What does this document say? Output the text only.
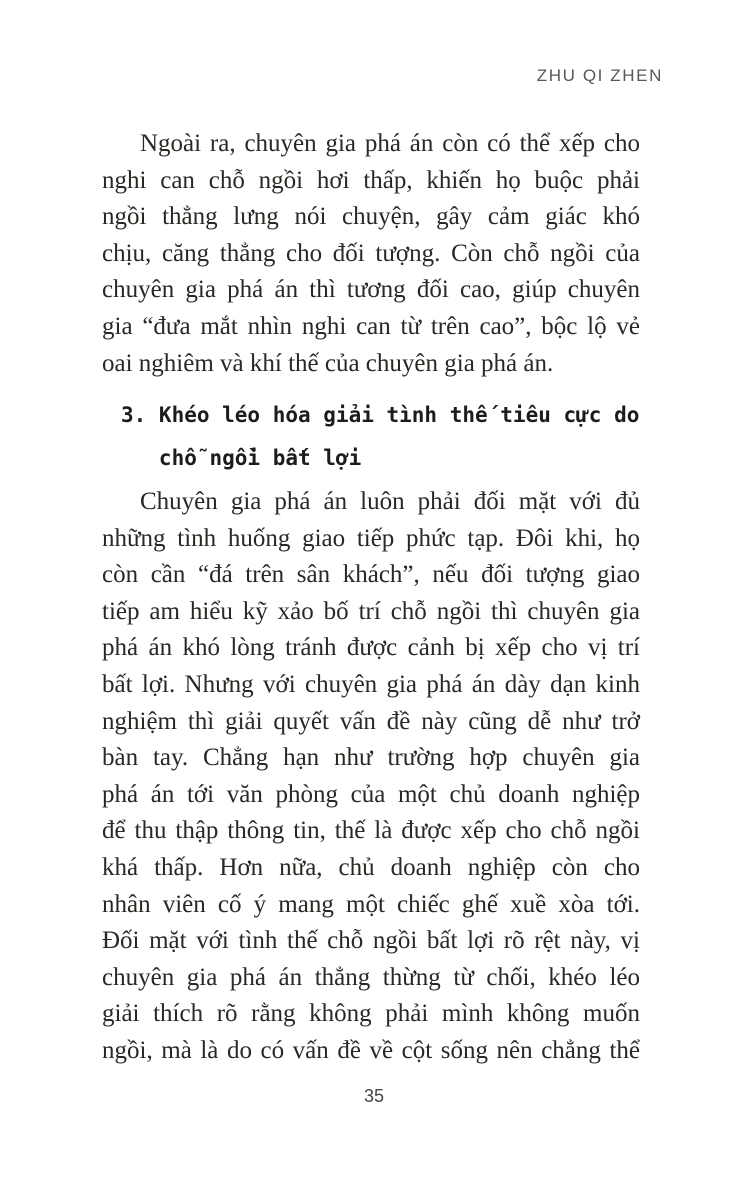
ZHU QI ZHEN
Ngoài ra, chuyên gia phá án còn có thể xếp cho
nghi can chỗ ngồi hơi thấp, khiến họ buộc phải
ngồi thẳng lưng nói chuyện, gây cảm giác khó
chịu, căng thẳng cho đối tượng. Còn chỗ ngồi của
chuyên gia phá án thì tương đối cao, giúp chuyên
gia “đưa mắt nhìn nghi can từ trên cao”, bộc lộ vẻ
oai nghiêm và khí thế của chuyên gia phá án.
3. Khéo léo hóa giải tình thế tiêu cực do
chỗ ngồi bất lợi
Chuyên gia phá án luôn phải đối mặt với đủ
những tình huống giao tiếp phức tạp. Đôi khi, họ
còn cần “đá trên sân khách”, nếu đối tượng giao
tiếp am hiểu kỹ xảo bố trí chỗ ngồi thì chuyên gia
phá án khó lòng tránh được cảnh bị xếp cho vị trí
bất lợi. Nhưng với chuyên gia phá án dày dạn kinh
nghiệm thì giải quyết vấn đề này cũng dễ như trở
bàn tay. Chẳng hạn như trường hợp chuyên gia
phá án tới văn phòng của một chủ doanh nghiệp
để thu thập thông tin, thế là được xếp cho chỗ ngồi
khá thấp. Hơn nữa, chủ doanh nghiệp còn cho
nhân viên cố ý mang một chiếc ghế xuề xòa tới.
Đối mặt với tình thế chỗ ngồi bất lợi rõ rệt này, vị
chuyên gia phá án thẳng thừng từ chối, khéo léo
giải thích rõ rằng không phải mình không muốn
ngồi, mà là do có vấn đề về cột sống nên chẳng thể
35
